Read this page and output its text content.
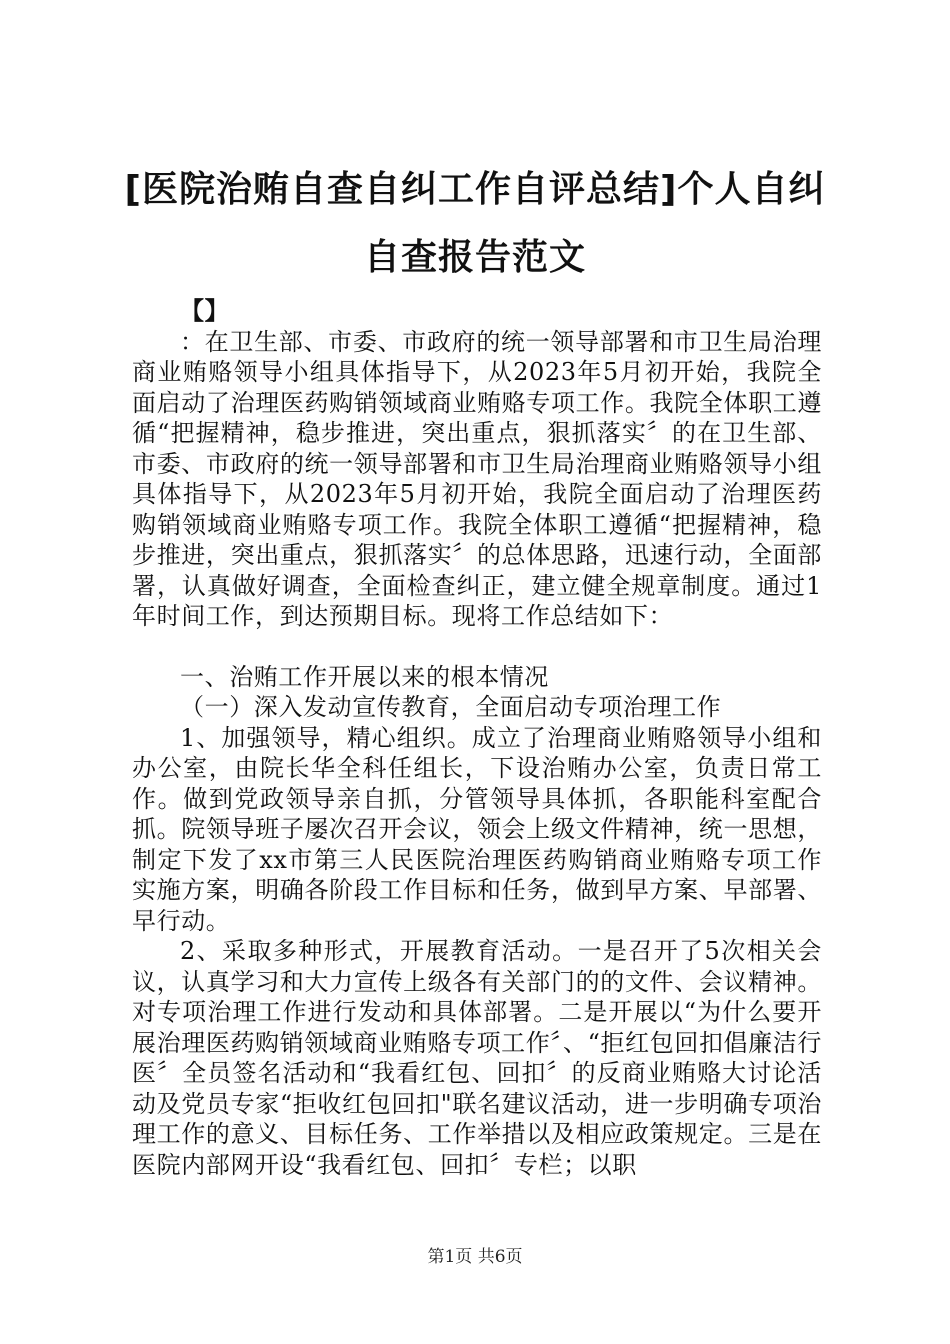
[医院治贿自查自纠工作自评总结]个人自纠自查报告范文

【】

：在卫生部、市委、市政府的统一领导部署和市卫生局治理商业贿赂领导小组具体指导下，从2023年5月初开始，我院全面启动了治理医药购销领域商业贿赂专项工作。我院全体职工遵循“把握精神，稳步推进，突出重点，狠抓落实〞的在卫生部、市委、市政府的统一领导部署和市卫生局治理商业贿赂领导小组具体指导下，从2023年5月初开始，我院全面启动了治理医药购销领域商业贿赂专项工作。我院全体职工遵循“把握精神，稳步推进，突出重点，狠抓落实〞的总体思路，迅速行动，全面部署，认真做好调查，全面检查纠正，建立健全规章制度。通过1年时间工作，到达预期目标。现将工作总结如下：

一、治贿工作开展以来的根本情况

（一）深入发动宣传教育，全面启动专项治理工作

1、加强领导，精心组织。成立了治理商业贿赂领导小组和办公室，由院长华全科任组长，下设治贿办公室，负责日常工作。做到党政领导亲自抓，分管领导具体抓，各职能科室配合抓。院领导班子屡次召开会议，领会上级文件精神，统一思想，制定下发了xx市第三人民医院治理医药购销商业贿赂专项工作实施方案，明确各阶段工作目标和任务，做到早方案、早部署、早行动。

2、采取多种形式，开展教育活动。一是召开了5次相关会议，认真学习和大力宣传上级各有关部门的的文件、会议精神。对专项治理工作进行发动和具体部署。二是开展以“为什么要开展治理医药购销领域商业贿赂专项工作〞、“拒红包回扣倡廉洁行医〞全员签名活动和“我看红包、回扣〞的反商业贿赂大讨论活动及党员专家“拒收红包回扣"联名建议活动，进一步明确专项治理工作的意义、目标任务、工作举措以及相应政策规定。三是在医院内部网开设“我看红包、回扣〞专栏；以职

第1页 共6页
